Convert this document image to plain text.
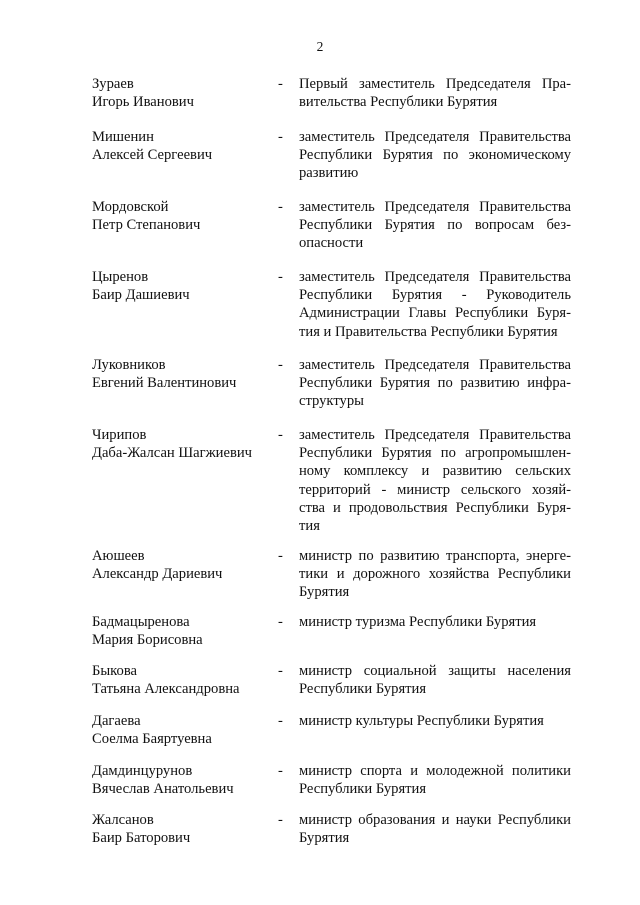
2
Зураев
Игорь Иванович
- Первый заместитель Председателя Пра-
вительства Республики Бурятия
Мишенин
Алексей Сергеевич
- заместитель Председателя Правительства
Республики Бурятия по экономическому
развитию
Мордовской
Петр Степанович
- заместитель Председателя Правительства
Республики Бурятия по вопросам без-
опасности
Цыренов
Баир Дашиевич
- заместитель Председателя Правительства
Республики Бурятия - Руководитель
Администрации Главы Республики Буря-
тия и Правительства Республики Бурятия
Луковников
Евгений Валентинович
- заместитель Председателя Правительства
Республики Бурятия по развитию инфра-
структуры
Чирипов
Даба-Жалсан Шагжиевич
- заместитель Председателя Правительства
Республики Бурятия по агропромышлен-
ному комплексу и развитию сельских
территорий - министр сельского хозяй-
ства и продовольствия Республики Буря-
тия
Аюшеев
Александр Дариевич
- министр по развитию транспорта, энерге-
тики и дорожного хозяйства Республики
Бурятия
Бадмацыренова
Мария Борисовна
- министр туризма Республики Бурятия
Быкова
Татьяна Александровна
- министр социальной защиты населения
Республики Бурятия
Дагаева
Соелма Баяртуевна
- министр культуры Республики Бурятия
Дамдинцурунов
Вячеслав Анатольевич
- министр спорта и молодежной политики
Республики Бурятия
Жалсанов
Баир Баторович
- министр образования и науки Республики
Бурятия
